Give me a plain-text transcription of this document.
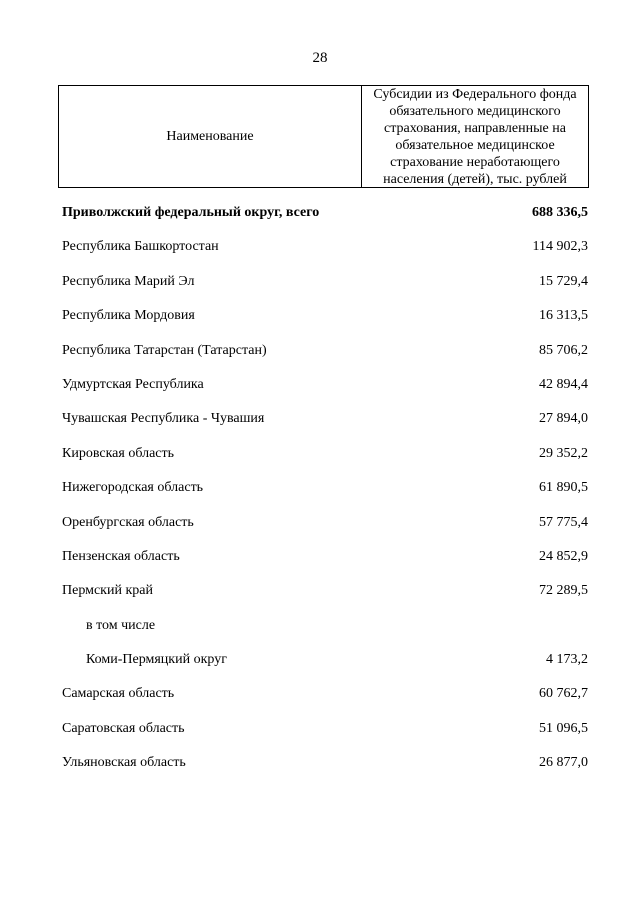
28
Наименование
Субсидии из Федерального фонда
обязательного медицинского
страхования, направленные на
обязательное медицинское
страхование неработающего
населения (детей), тыс. рублей
Приволжский федеральный округ, всего	688 336,5
Республика Башкортостан	114 902,3
Республика Марий Эл	15 729,4
Республика Мордовия	16 313,5
Республика Татарстан (Татарстан)	85 706,2
Удмуртская Республика	42 894,4
Чувашская Республика - Чувашия	27 894,0
Кировская область	29 352,2
Нижегородская область	61 890,5
Оренбургская область	57 775,4
Пензенская область	24 852,9
Пермский край	72 289,5
в том числе
Коми-Пермяцкий округ	4 173,2
Самарская область	60 762,7
Саратовская область	51 096,5
Ульяновская область	26 877,0
